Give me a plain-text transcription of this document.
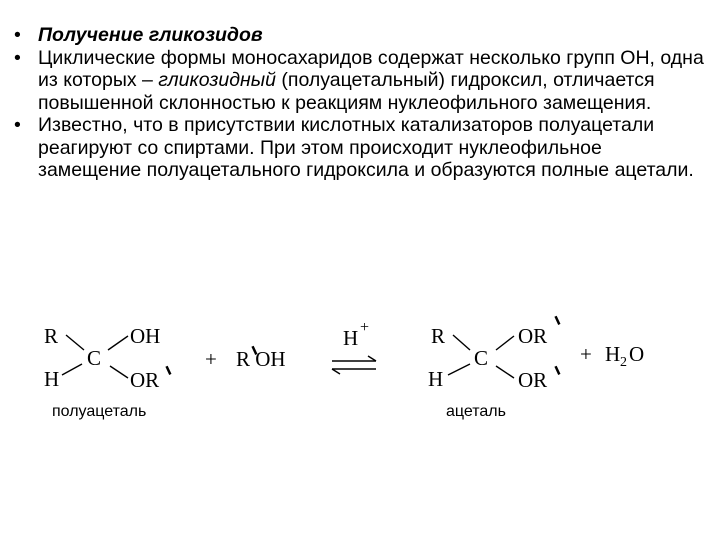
• Получение гликозидов
• Циклические формы моносахаридов содержат несколько групп ОН, одна из которых – гликозидный (полуацетальный) гидроксил, отличается повышенной склонностью к реакциям нуклеофильного замещения.
• Известно, что в присутствии кислотных катализаторов полуацетали реагируют со спиртами. При этом происходит нуклеофильное замещение полуацетального гидроксила и образуются полные ацетали.
R
H
C
OH
OR
+ R OH
H +	R
H
C
OR
OR
+ H 2 O
полуацеталь	ацеталь
